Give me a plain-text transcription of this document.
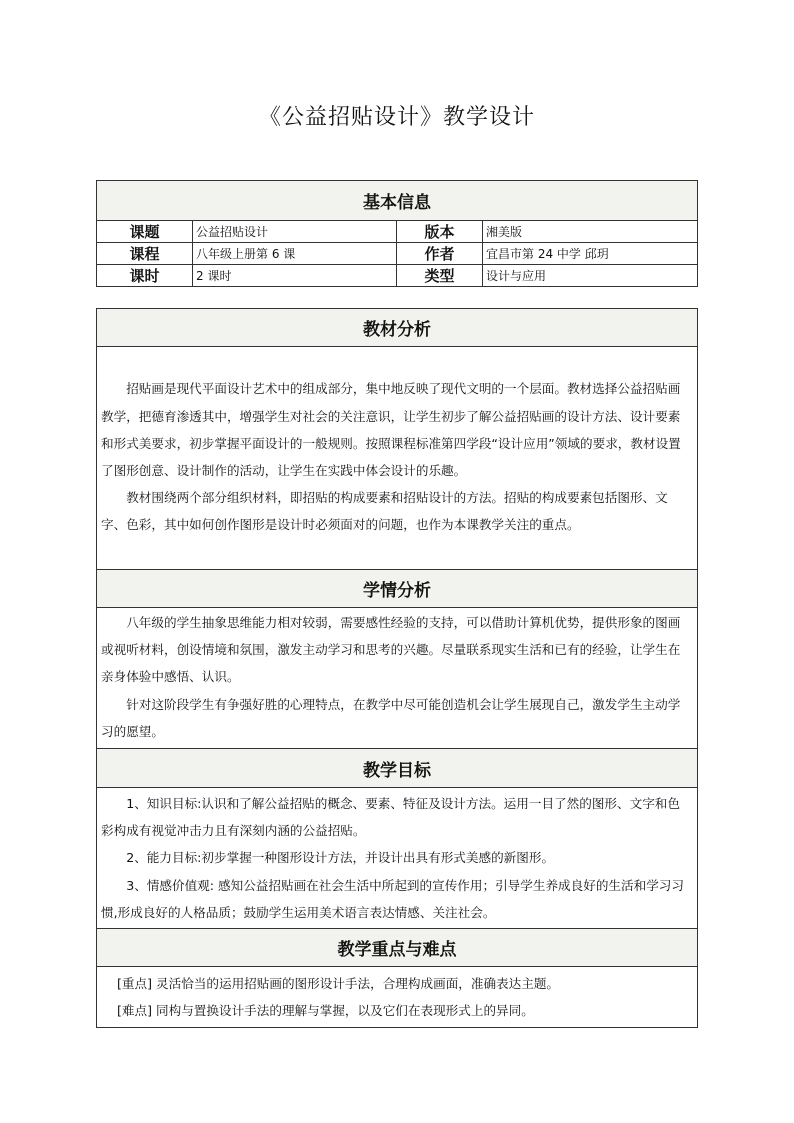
《公益招贴设计》教学设计
基本信息			
课题	公益招贴设计	版本	湘美版
课程	八年级上册第 6 课	作者	宜昌市第 24 中学 邱玥
课时	2 课时	类型	设计与应用
教材分析

招贴画是现代平面设计艺术中的组成部分，集中地反映了现代文明的一个层面。教材选择公益招贴画教学，把德育渗透其中，增强学生对社会的关注意识，让学生初步了解公益招贴画的设计方法、设计要素和形式美要求，初步掌握平面设计的一般规则。按照课程标准第四学段“设计应用”领域的要求，教材设置了图形创意、设计制作的活动，让学生在实践中体会设计的乐趣。

教材围绕两个部分组织材料，即招贴的构成要素和招贴设计的方法。招贴的构成要素包括图形、文字、色彩，其中如何创作图形是设计时必须面对的问题，也作为本课教学关注的重点。

学情分析

八年级的学生抽象思维能力相对较弱，需要感性经验的支持，可以借助计算机优势，提供形象的图画或视听材料，创设情境和氛围，激发主动学习和思考的兴趣。尽量联系现实生活和已有的经验，让学生在亲身体验中感悟、认识。

针对这阶段学生有争强好胜的心理特点，在教学中尽可能创造机会让学生展现自己，激发学生主动学习的愿望。

教学目标

1、知识目标:认识和了解公益招贴的概念、要素、特征及设计方法。运用一目了然的图形、文字和色彩构成有视觉冲击力且有深刻内涵的公益招贴。

2、能力目标:初步掌握一种图形设计方法，并设计出具有形式美感的新图形。

3、情感价值观: 感知公益招贴画在社会生活中所起到的宣传作用；引导学生养成良好的生活和学习习惯,形成良好的人格品质；鼓励学生运用美术语言表达情感、关注社会。

教学重点与难点

[重点] 灵活恰当的运用招贴画的图形设计手法，合理构成画面，准确表达主题。

[难点] 同构与置换设计手法的理解与掌握，以及它们在表现形式上的异同。
